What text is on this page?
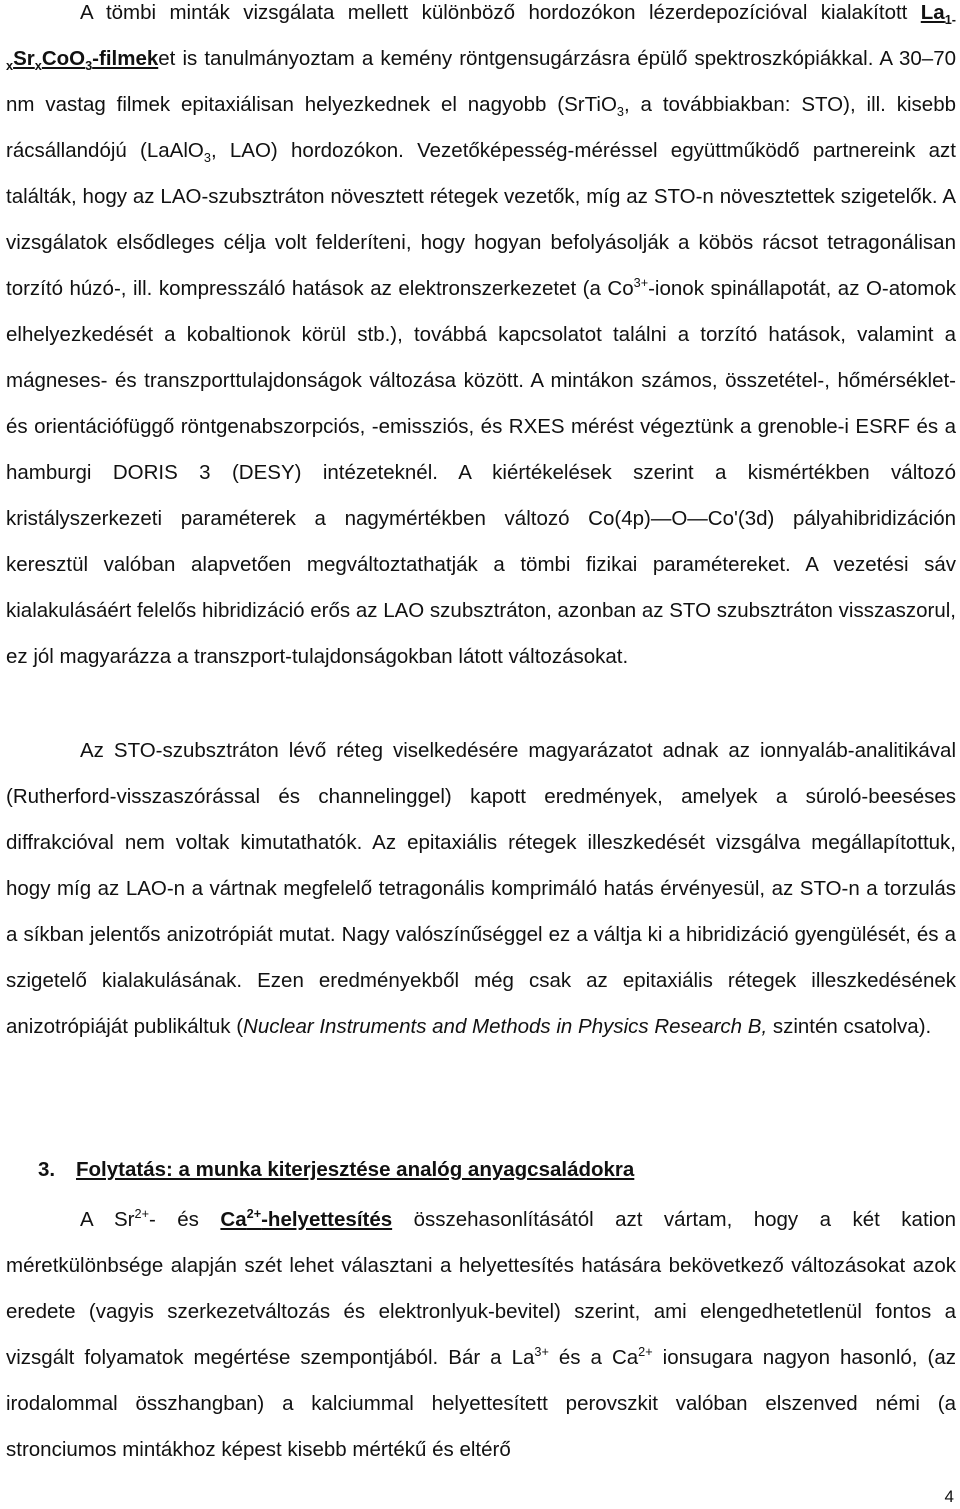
A tömbi minták vizsgálata mellett különböző hordozókon lézerdepozícióval kialakított $La_{1-x}Sr_xCoO_3$-filmeket is tanulmányoztam a kemény röntgensugárzásra épülő spektroszkópiákkal. A 30–70 nm vastag filmek epitaxiálisan helyezkednek el nagyobb (SrTiO$_3$, a továbbiakban: STO), ill. kisebb rácsállandójú (LaAlO$_3$, LAO) hordozókon. Vezetőképesség-méréssel együttműködő partnereink azt találták, hogy az LAO-szubsztráton növesztett rétegek vezetők, míg az STO-n növesztettek szigetelők. A vizsgálatok elsődleges célja volt felderíteni, hogy hogyan befolyásolják a köbös rácsot tetragonálisan torzító húzó-, ill. kompresszáló hatások az elektronszerkezetet (a $Co^{3+}$-ionok spinállapotát, az O-atomok elhelyezkedését a kobaltionok körül stb.), továbbá kapcsolatot találni a torzító hatások, valamint a mágneses- és transzporttulajdonságok változása között. A mintákon számos, összetétel-, hőmérséklet- és orientációfüggő röntgenabszorpciós, -emissziós, és RXES mérést végeztünk a grenoble-i ESRF és a hamburgi DORIS 3 (DESY) intézeteknél. A kiértékelések szerint a kismértékben változó kristályszerkezeti paraméterek a nagymértékben változó Co(4p)—O—Co'(3d) pályahibridizáción keresztül valóban alapvetően megváltoztathatják a tömbi fizikai paramétereket. A vezetési sáv kialakulásáért felelős hibridizáció erős az LAO szubsztráton, azonban az STO szubsztráton visszaszorul, ez jól magyarázza a transzport-tulajdonságokban látott változásokat.

Az STO-szubsztráton lévő réteg viselkedésére magyarázatot adnak az ionnyaláb-analitikával (Rutherford-visszaszórással és channelinggel) kapott eredmények, amelyek a súroló-beeséses diffrakcióval nem voltak kimutathatók. Az epitaxiális rétegek illeszkedését vizsgálva megállapítottuk, hogy míg az LAO-n a vártnak megfelelő tetragonális komprimáló hatás érvényesül, az STO-n a torzulás a síkban jelentős anizotrópiát mutat. Nagy valószínűséggel ez a váltja ki a hibridizáció gyengülését, és a szigetelő kialakulásának. Ezen eredményekből még csak az epitaxiális rétegek illeszkedésének anizotrópiáját publikáltuk (Nuclear Instruments and Methods in Physics Research B, szintén csatolva).

3. Folytatás: a munka kiterjesztése analóg anyagcsaládokra

A $Sr^{2+}-$ és $Ca^{2+}$-helyettesítés összehasonlításától azt vártam, hogy a két kation méretkülönbsége alapján szét lehet választani a helyettesítés hatására bekövetkező változásokat azok eredete (vagyis szerkezetváltozás és elektronlyuk-bevitel) szerint, ami elengedhetetlenül fontos a vizsgált folyamatok megértése szempontjából. Bár a $La^{3+}$ és a $Ca^{2+}$ ionsugara nagyon hasonló, (az irodalommal összhangban) a kalciummal helyettesített perovszkit valóban elszenved némi (a stronciumos mintákhoz képest kisebb mértékű és eltérő

4
